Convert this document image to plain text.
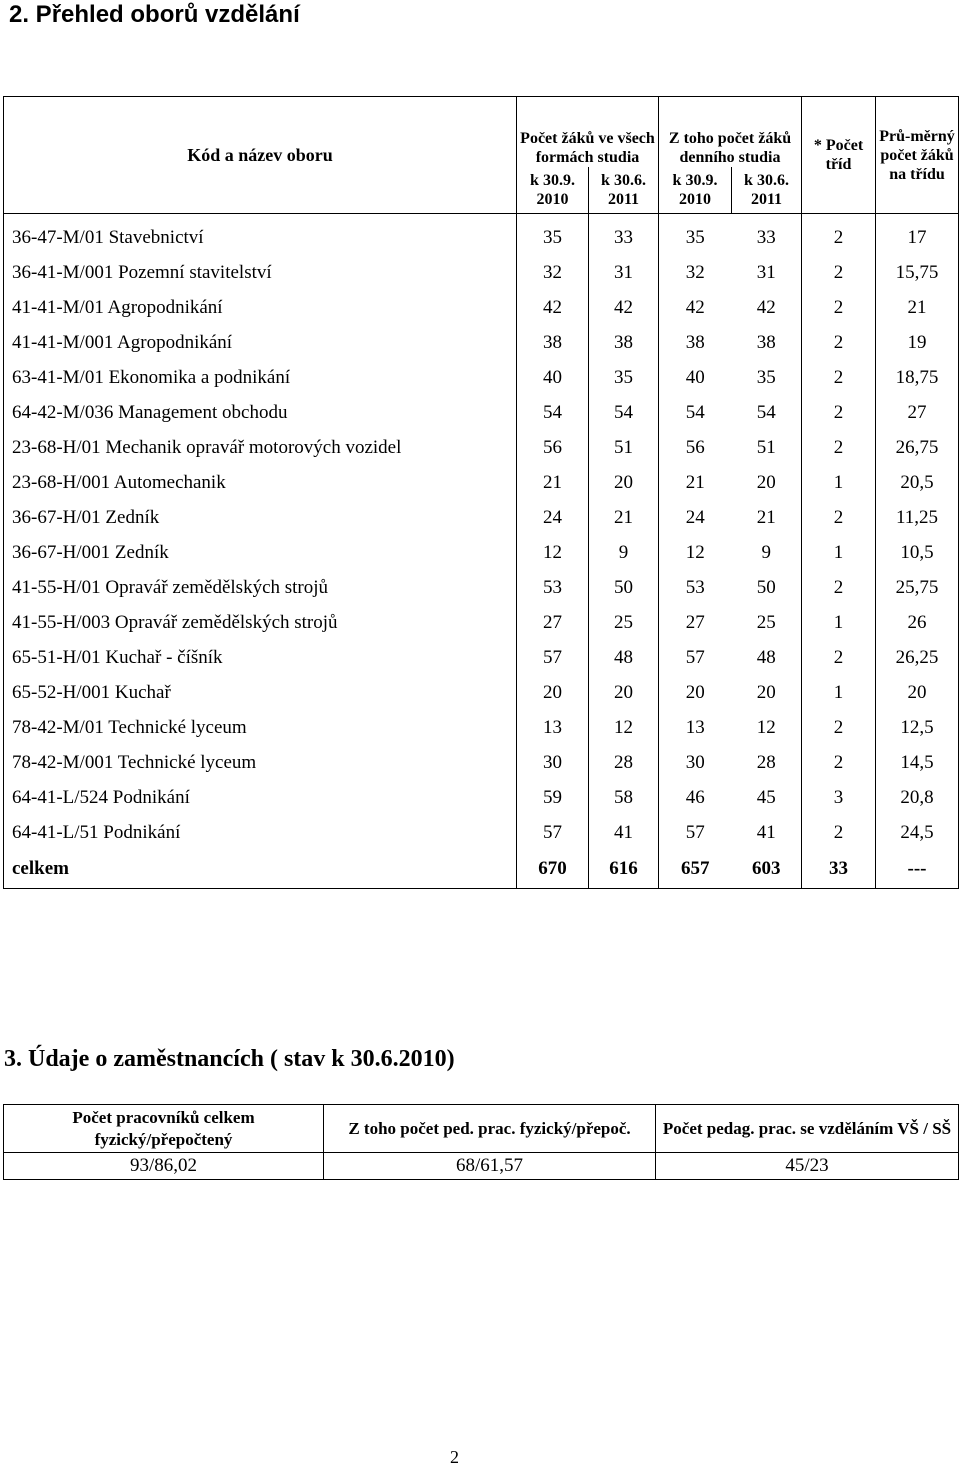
2. Přehled oborů vzdělání
Kód a název oboru	Počet žáků ve všech formách studia		Z toho počet žáků denního studia		* Počet tříd	Prů-měrný počet žáků na třídu
	k 30.9. 2010	k 30.6. 2011	k 30.9. 2010	k 30.6. 2011		
36-47-M/01 Stavebnictví	35	33	35	33	2	17
36-41-M/001 Pozemní stavitelství	32	31	32	31	2	15,75
41-41-M/01 Agropodnikání	42	42	42	42	2	21
41-41-M/001 Agropodnikání	38	38	38	38	2	19
63-41-M/01 Ekonomika a podnikání	40	35	40	35	2	18,75
64-42-M/036 Management obchodu	54	54	54	54	2	27
23-68-H/01 Mechanik opravář motorových vozidel	56	51	56	51	2	26,75
23-68-H/001 Automechanik	21	20	21	20	1	20,5
36-67-H/01 Zedník	24	21	24	21	2	11,25
36-67-H/001 Zedník	12	9	12	9	1	10,5
41-55-H/01 Opravář zemědělských strojů	53	50	53	50	2	25,75
41-55-H/003 Opravář zemědělských strojů	27	25	27	25	1	26
65-51-H/01 Kuchař - číšník	57	48	57	48	2	26,25
65-52-H/001 Kuchař	20	20	20	20	1	20
78-42-M/01 Technické lyceum	13	12	13	12	2	12,5
78-42-M/001 Technické lyceum	30	28	30	28	2	14,5
64-41-L/524 Podnikání	59	58	46	45	3	20,8
64-41-L/51 Podnikání	57	41	57	41	2	24,5
celkem	670	616	657	603	33	---
3. Údaje o zaměstnancích ( stav k 30.6.2010)
Počet pracovníků celkem fyzický/přepočtený	Z toho počet ped. prac. fyzický/přepoč.	Počet pedag. prac. se vzděláním VŠ / SŠ
93/86,02	68/61,57	45/23
2
